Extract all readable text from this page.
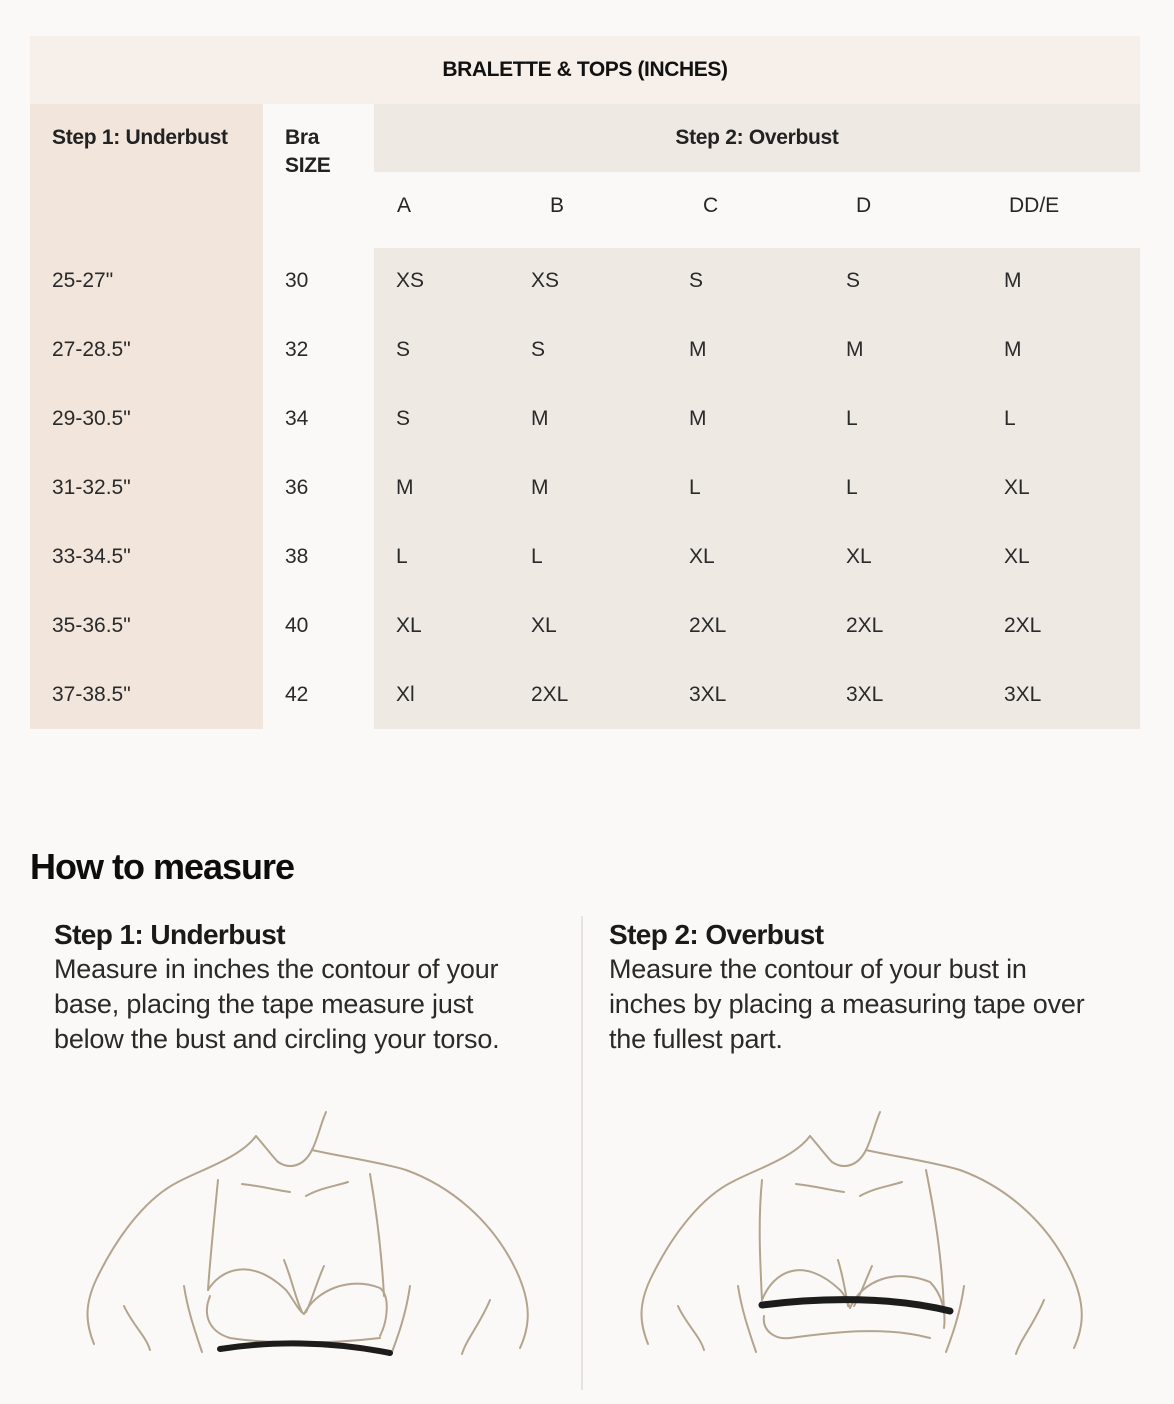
BRALETTE & TOPS (INCHES)
Step 1: Underbust	Bra
SIZE
Step 2: Overbust
A	B	C	D	DD/E
25-27"	30	XS	XS	S	S	M
27-28.5"	32	S	S	M	M	M
29-30.5"	34	S	M	M	L	L
31-32.5"	36	M	M	L	L	XL
33-34.5"	38	L	L	XL	XL	XL
35-36.5"	40	XL	XL	2XL	2XL	2XL
37-38.5"	42	Xl	2XL	3XL	3XL	3XL
How to measure

Step 1: Underbust

Measure in inches the contour of your

base, placing the tape measure just

below the bust and circling your torso.

Step 2: Overbust

Measure the contour of your bust in

inches by placing a measuring tape over

the fullest part.
